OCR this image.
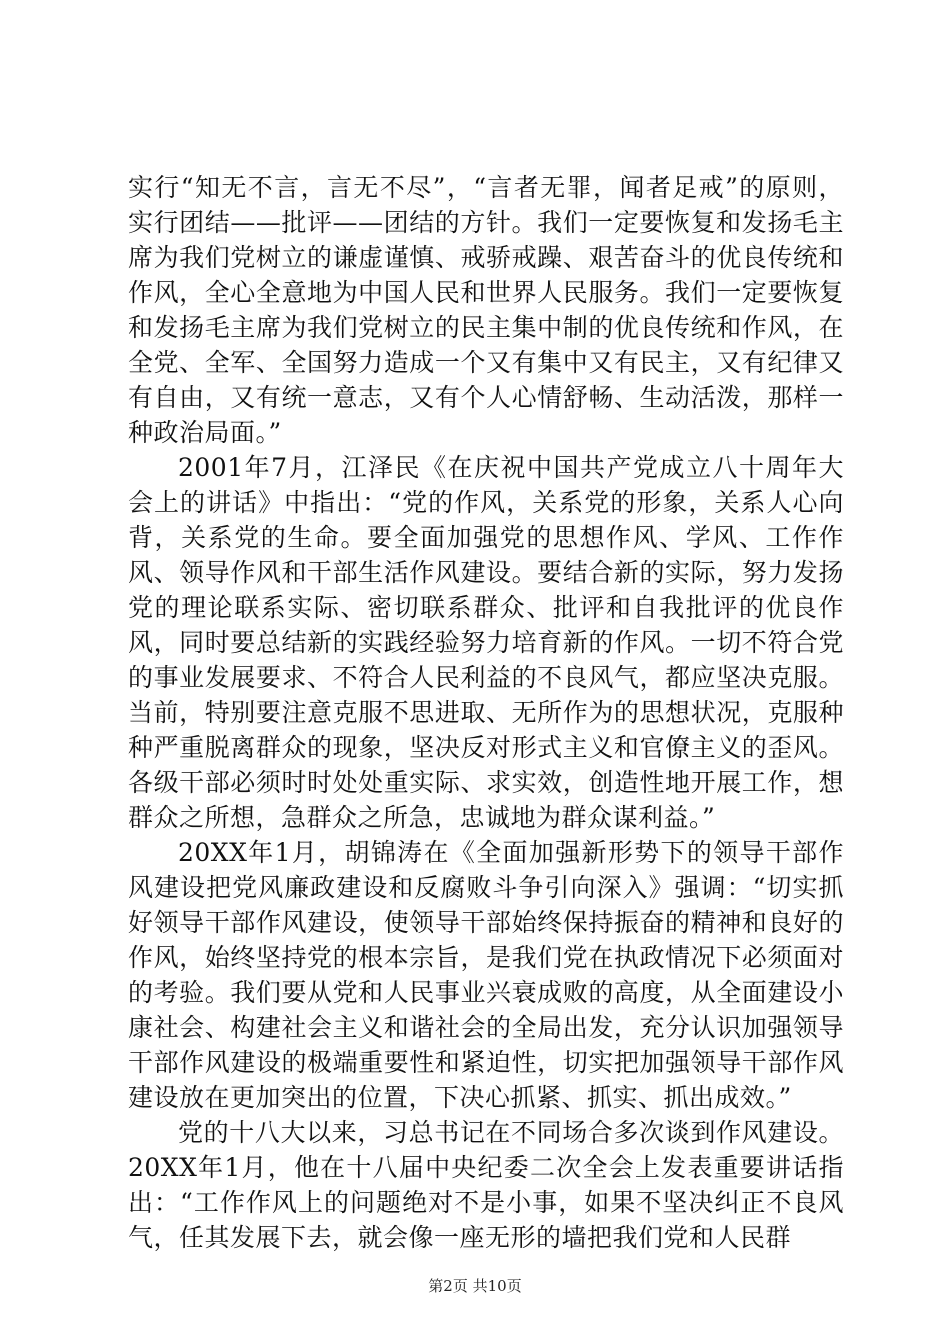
实行“知无不言，言无不尽”，“言者无罪，闻者足戒”的原则，实行团结——批评——团结的方针。我们一定要恢复和发扬毛主席为我们党树立的谦虚谨慎、戒骄戒躁、艰苦奋斗的优良传统和作风，全心全意地为中国人民和世界人民服务。我们一定要恢复和发扬毛主席为我们党树立的民主集中制的优良传统和作风，在全党、全军、全国努力造成一个又有集中又有民主，又有纪律又有自由，又有统一意志，又有个人心情舒畅、生动活泼，那样一种政治局面。”

2001年7月，江泽民《在庆祝中国共产党成立八十周年大会上的讲话》中指出：“党的作风，关系党的形象，关系人心向背，关系党的生命。要全面加强党的思想作风、学风、工作作风、领导作风和干部生活作风建设。要结合新的实际，努力发扬党的理论联系实际、密切联系群众、批评和自我批评的优良作风，同时要总结新的实践经验努力培育新的作风。一切不符合党的事业发展要求、不符合人民利益的不良风气，都应坚决克服。当前，特别要注意克服不思进取、无所作为的思想状况，克服种种严重脱离群众的现象，坚决反对形式主义和官僚主义的歪风。各级干部必须时时处处重实际、求实效，创造性地开展工作，想群众之所想，急群众之所急，忠诚地为群众谋利益。”

20XX年1月，胡锦涛在《全面加强新形势下的领导干部作风建设把党风廉政建设和反腐败斗争引向深入》强调：“切实抓好领导干部作风建设，使领导干部始终保持振奋的精神和良好的作风，始终坚持党的根本宗旨，是我们党在执政情况下必须面对的考验。我们要从党和人民事业兴衰成败的高度，从全面建设小康社会、构建社会主义和谐社会的全局出发，充分认识加强领导干部作风建设的极端重要性和紧迫性，切实把加强领导干部作风建设放在更加突出的位置，下决心抓紧、抓实、抓出成效。”

党的十八大以来，习总书记在不同场合多次谈到作风建设。20XX年1月，他在十八届中央纪委二次全会上发表重要讲话指出：“工作作风上的问题绝对不是小事，如果不坚决纠正不良风气，任其发展下去，就会像一座无形的墙把我们党和人民群

第2页 共10页
